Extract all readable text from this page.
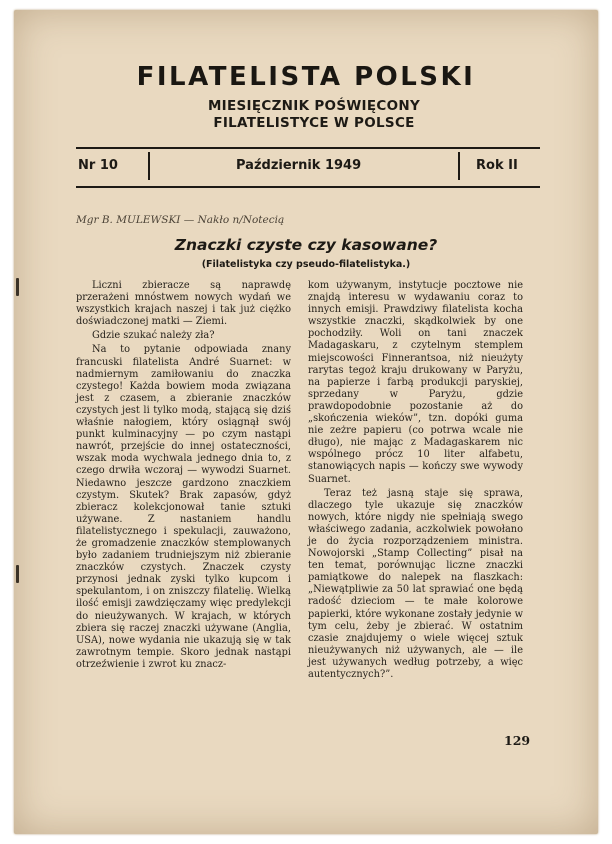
FILATELISTA POLSKI
MIESIĘCZNIK POŚWIĘCONY
FILATELISTYCE W POLSCE
Nr 10	Październik 1949	Rok II
Mgr B. MULEWSKI — Nakło n/Notecią
Znaczki czyste czy kasowane?
(Filatelistyka czy pseudo-filatelistyka.)

Liczni zbieracze są naprawdę przerażeni mnóstwem nowych wydań we wszystkich krajach naszej i tak już ciężko doświadczonej matki — Ziemi.

Gdzie szukać należy zła?

Na to pytanie odpowiada znany francuski filatelista André Suarnet: w nadmiernym zamiłowaniu do znaczka czystego! Każda bowiem moda związana jest z czasem, a zbieranie znaczków czystych jest li tylko modą, stającą się dziś właśnie nałogiem, który osiągnął swój punkt kulminacyjny — po czym nastąpi nawrót, przejście do innej ostateczności, wszak moda wychwala jednego dnia to, z czego drwiła wczoraj — wywodzi Suarnet. Niedawno jeszcze gardzono znaczkiem czystym. Skutek? Brak zapasów, gdyż zbieracz kolekcjonował tanie sztuki używane. Z nastaniem handlu filatelistycznego i spekulacji, zauważono, że gromadzenie znaczków stemplowanych było zadaniem trudniejszym niż zbieranie znaczków czystych. Znaczek czysty przynosi jednak zyski tylko kupcom i spekulantom, i on zniszczy filatelię. Wielką ilość emisji zawdzięczamy więc predylekcji do nieużywanych. W krajach, w których zbiera się raczej znaczki używane (Anglia, USA), nowe wydania nie ukazują się w tak zawrotnym tempie. Skoro jednak nastąpi otrzeźwienie i zwrot ku znacz-

kom używanym, instytucje pocztowe nie znajdą interesu w wydawaniu coraz to innych emisji. Prawdziwy filatelista kocha wszystkie znaczki, skądkolwiek by one pochodziły. Woli on tani znaczek Madagaskaru, z czytelnym stemplem miejscowości Finnerantsoa, niż nieużyty rarytas tegoż kraju drukowany w Paryżu, na papierze i farbą produkcji paryskiej, sprzedany w Paryżu, gdzie prawdopodobnie pozostanie aż do „skończenia wieków”, tzn. dopóki guma nie zeżre papieru (co potrwa wcale nie długo), nie mając z Madagaskarem nic wspólnego prócz 10 liter alfabetu, stanowiących napis — kończy swe wywody Suarnet.

Teraz też jasną staje się sprawa, dlaczego tyle ukazuje się znaczków nowych, które nigdy nie spełniają swego właściwego zadania, aczkolwiek powołano je do życia rozporządzeniem ministra. Nowojorski „Stamp Collecting” pisał na ten temat, porównując liczne znaczki pamiątkowe do nalepek na flaszkach: „Niewątpliwie za 50 lat sprawiać one będą radość dzieciom — te małe kolorowe papierki, które wykonane zostały jedynie w tym celu, żeby je zbierać. W ostatnim czasie znajdujemy o wiele więcej sztuk nieużywanych niż używanych, ale — ile jest używanych według potrzeby, a więc autentycznych?”.

129
